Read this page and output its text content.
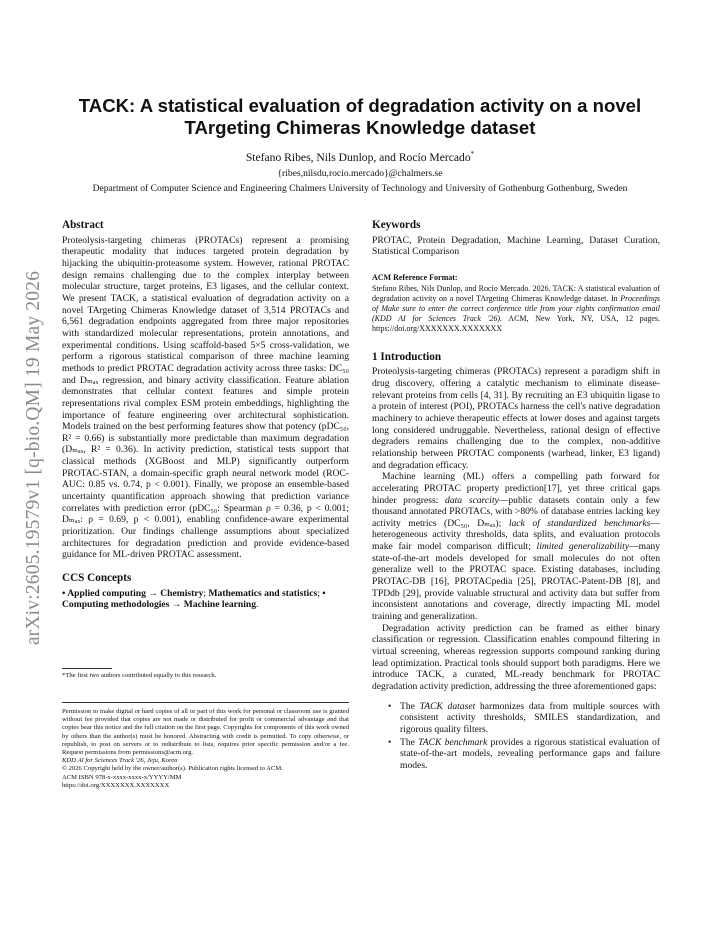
arXiv:2605.19579v1 [q-bio.QM] 19 May 2026
TACK: A statistical evaluation of degradation activity on a novel TArgeting Chimeras Knowledge dataset
Stefano Ribes, Nils Dunlop, and Rocío Mercado*
{ribes,nilsdu,rocio.mercado}@chalmers.se
Department of Computer Science and Engineering Chalmers University of Technology and University of Gothenburg Gothenburg, Sweden
Abstract
Proteolysis-targeting chimeras (PROTACs) represent a promising therapeutic modality that induces targeted protein degradation by hijacking the ubiquitin-proteasome system. However, rational PROTAC design remains challenging due to the complex interplay between molecular structure, target proteins, E3 ligases, and the cellular context. We present TACK, a statistical evaluation of degradation activity on a novel TArgeting Chimeras Knowledge dataset of 3,514 PROTACs and 6,561 degradation endpoints aggregated from three major repositories with standardized molecular representations, protein annotations, and experimental conditions. Using scaffold-based 5×5 cross-validation, we perform a rigorous statistical comparison of three machine learning methods to predict PROTAC degradation activity across three tasks: DC₅₀ and Dₘₐₓ regression, and binary activity classification. Feature ablation demonstrates that cellular context features and simple protein representations rival complex ESM protein embeddings, highlighting the importance of feature engineering over architectural sophistication. Models trained on the best performing features show that potency (pDC₅₀, R² = 0.66) is substantially more predictable than maximum degradation (Dₘₐₓ, R² = 0.36). In activity prediction, statistical tests support that classical methods (XGBoost and MLP) significantly outperform PROTAC-STAN, a domain-specific graph neural network model (ROC-AUC: 0.85 vs. 0.74, p < 0.001). Finally, we propose an ensemble-based uncertainty quantification approach showing that prediction variance correlates with prediction error (pDC₅₀: Spearman ρ = 0.36, p < 0.001; Dₘₐₓ: ρ = 0.69, p < 0.001), enabling confidence-aware experimental prioritization. Our findings challenge assumptions about specialized architectures for degradation prediction and provide evidence-based guidance for ML-driven PROTAC assessment.
CCS Concepts
• Applied computing → Chemistry; Mathematics and statistics; • Computing methodologies → Machine learning.
*The first two authors contributed equally to this research.
Permission to make digital or hard copies of all or part of this work for personal or classroom use is granted without fee provided that copies are not made or distributed for profit or commercial advantage and that copies bear this notice and the full citation on the first page. Copyrights for components of this work owned by others than the author(s) must be honored. Abstracting with credit is permitted. To copy otherwise, or republish, to post on servers or to redistribute to lists, requires prior specific permission and/or a fee. Request permissions from permissions@acm.org.
KDD AI for Sciences Track '26, Jeju, Korea
© 2026 Copyright held by the owner/author(s). Publication rights licensed to ACM.
ACM ISBN 978-x-xxxx-xxxx-x/YYYY/MM
https://doi.org/XXXXXXX.XXXXXXX
Keywords
PROTAC, Protein Degradation, Machine Learning, Dataset Curation, Statistical Comparison
ACM Reference Format:
Stefano Ribes, Nils Dunlop, and Rocío Mercado. 2026. TACK: A statistical evaluation of degradation activity on a novel TArgeting Chimeras Knowledge dataset. In Proceedings of Make sure to enter the correct conference title from your rights confirmation email (KDD AI for Sciences Track '26). ACM, New York, NY, USA, 12 pages. https://doi.org/XXXXXXX.XXXXXXX
1 Introduction
Proteolysis-targeting chimeras (PROTACs) represent a paradigm shift in drug discovery, offering a catalytic mechanism to eliminate disease-relevant proteins from cells [4, 31]. By recruiting an E3 ubiquitin ligase to a protein of interest (POI), PROTACs harness the cell's native degradation machinery to achieve therapeutic effects at lower doses and against targets long considered undruggable. Nevertheless, rational design of effective degraders remains challenging due to the complex, non-additive relationship between PROTAC components (warhead, linker, E3 ligand) and degradation efficacy.
Machine learning (ML) offers a compelling path forward for accelerating PROTAC property prediction[17], yet three critical gaps hinder progress: data scarcity—public datasets contain only a few thousand annotated PROTACs, with >80% of database entries lacking key activity metrics (DC₅₀, Dₘₐₓ); lack of standardized benchmarks—heterogeneous activity thresholds, data splits, and evaluation protocols make fair model comparison difficult; limited generalizability—many state-of-the-art models developed for small molecules do not often generalize well to the PROTAC space. Existing databases, including PROTAC-DB [16], PROTACpedia [25], PROTAC-Patent-DB [8], and TPDdb [29], provide valuable structural and activity data but suffer from inconsistent annotations and coverage, directly impacting ML model training and generalization.
Degradation activity prediction can be framed as either binary classification or regression. Classification enables compound filtering in virtual screening, whereas regression supports compound ranking during lead optimization. Practical tools should support both paradigms. Here we introduce TACK, a curated, ML-ready benchmark for PROTAC degradation activity prediction, addressing the three aforementioned gaps:
• The TACK dataset harmonizes data from multiple sources with consistent activity thresholds, SMILES standardization, and rigorous quality filters.
• The TACK benchmark provides a rigorous statistical evaluation of state-of-the-art models, revealing performance gaps and failure modes.
